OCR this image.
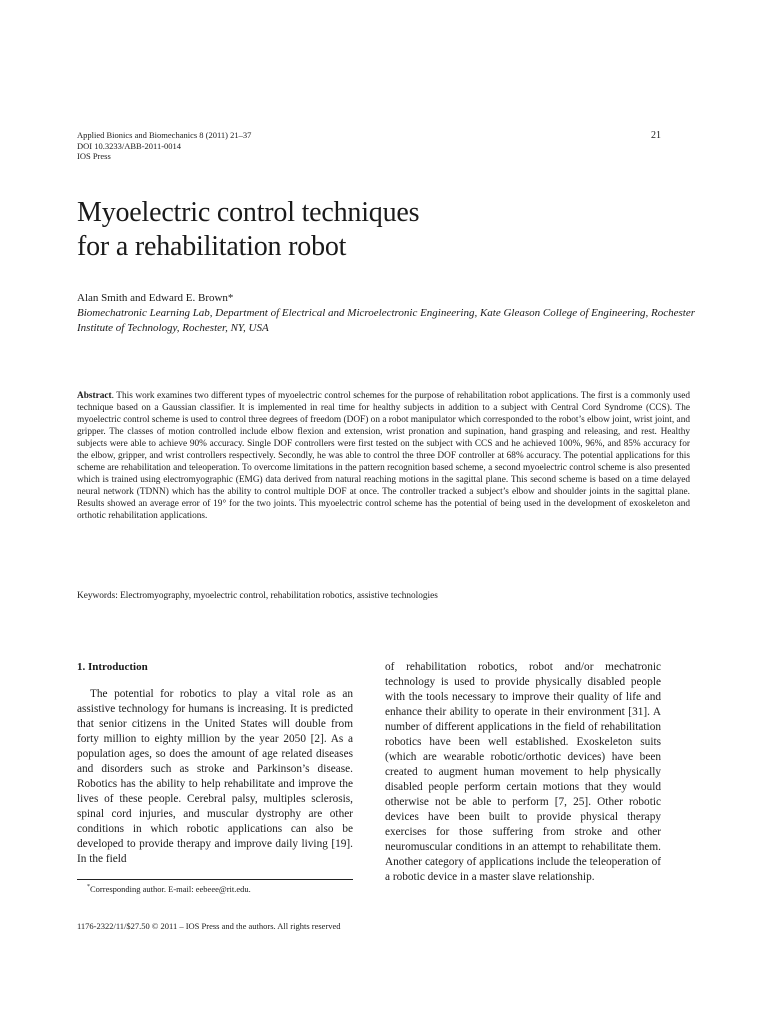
Applied Bionics and Biomechanics 8 (2011) 21–37
DOI 10.3233/ABB-2011-0014
IOS Press
21
Myoelectric control techniques
for a rehabilitation robot
Alan Smith and Edward E. Brown*
Biomechatronic Learning Lab, Department of Electrical and Microelectronic Engineering, Kate Gleason College of Engineering, Rochester Institute of Technology, Rochester, NY, USA

Abstract. This work examines two different types of myoelectric control schemes for the purpose of rehabilitation robot applications. The first is a commonly used technique based on a Gaussian classifier. It is implemented in real time for healthy subjects in addition to a subject with Central Cord Syndrome (CCS). The myoelectric control scheme is used to control three degrees of freedom (DOF) on a robot manipulator which corresponded to the robot’s elbow joint, wrist joint, and gripper. The classes of motion controlled include elbow flexion and extension, wrist pronation and supination, hand grasping and releasing, and rest. Healthy subjects were able to achieve 90% accuracy. Single DOF controllers were first tested on the subject with CCS and he achieved 100%, 96%, and 85% accuracy for the elbow, gripper, and wrist controllers respectively. Secondly, he was able to control the three DOF controller at 68% accuracy. The potential applications for this scheme are rehabilitation and teleoperation. To overcome limitations in the pattern recognition based scheme, a second myoelectric control scheme is also presented which is trained using electromyographic (EMG) data derived from natural reaching motions in the sagittal plane. This second scheme is based on a time delayed neural network (TDNN) which has the ability to control multiple DOF at once. The controller tracked a subject’s elbow and shoulder joints in the sagittal plane. Results showed an average error of 19° for the two joints. This myoelectric control scheme has the potential of being used in the development of exoskeleton and orthotic rehabilitation applications.

Keywords: Electromyography, myoelectric control, rehabilitation robotics, assistive technologies
1. Introduction

The potential for robotics to play a vital role as an assistive technology for humans is increasing. It is predicted that senior citizens in the United States will double from forty million to eighty million by the year 2050 [2]. As a population ages, so does the amount of age related diseases and disorders such as stroke and Parkinson’s disease. Robotics has the ability to help rehabilitate and improve the lives of these people. Cerebral palsy, multiples sclerosis, spinal cord injuries, and muscular dystrophy are other conditions in which robotic applications can also be developed to provide therapy and improve daily living [19]. In the field

of rehabilitation robotics, robot and/or mechatronic technology is used to provide physically disabled people with the tools necessary to improve their quality of life and enhance their ability to operate in their environment [31]. A number of different applications in the field of rehabilitation robotics have been well established. Exoskeleton suits (which are wearable robotic/orthotic devices) have been created to augment human movement to help physically disabled people perform certain motions that they would otherwise not be able to perform [7, 25]. Other robotic devices have been built to provide physical therapy exercises for those suffering from stroke and other neuromuscular conditions in an attempt to rehabilitate them. Another category of applications include the teleoperation of a robotic device in a master slave relationship.

*Corresponding author. E-mail: eebeee@rit.edu.
1176-2322/11/$27.50 © 2011 – IOS Press and the authors. All rights reserved
